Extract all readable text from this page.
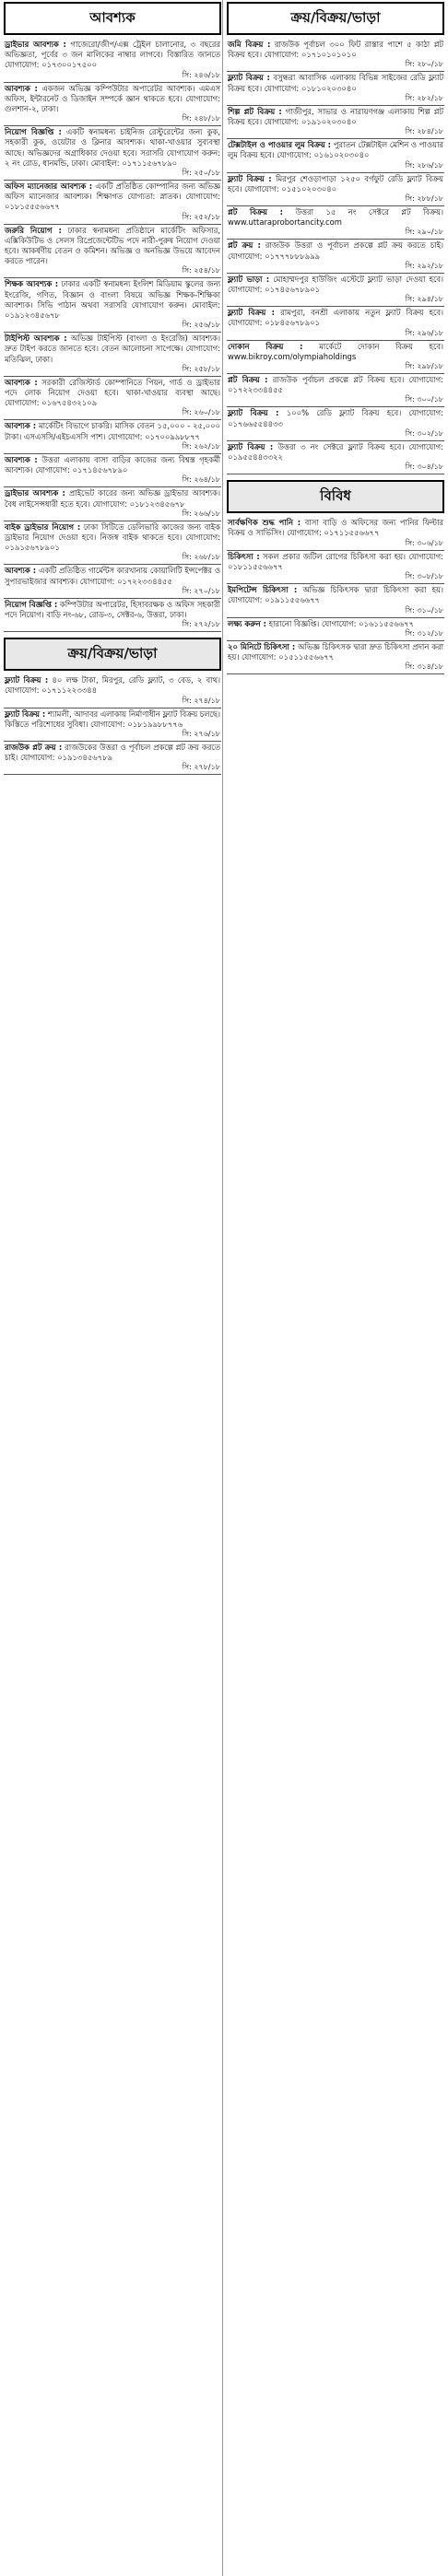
আবশ্যক
ড্রাইভার আবশ্যক : গাজেরো/জীপ/এক্স ট্রেইল চালানোর, ৩ বছরের অভিজ্ঞতা, পূর্বের ৩ জন মালিকের নাম্বার লাগবে। বিস্তারিত জানতে যোগাযোগ: ০১৭৩০০১৭৫০০
সি: ২৪৬/১৮
আবশ্যক : একজন অভিজ্ঞ কম্পিউটার অপারেটর আবশ্যক। এমএস অফিস, ইন্টারনেট ও ডিজাইন সম্পর্কে জ্ঞান থাকতে হবে। যোগাযোগ: গুলশান-২, ঢাকা।
সি: ২৪৮/১৮
নিয়োগ বিজ্ঞপ্তি : একটি স্বনামধন্য চাইনিজ রেস্টুরেন্টের জন্য কুক, সহকারী কুক, ওয়েটার ও ক্লিনার আবশ্যক। থাকা-খাওয়ার সুব্যবস্থা আছে। অভিজ্ঞদের অগ্রাধিকার দেওয়া হবে। সরাসরি যোগাযোগ করুন: ২ নং রোড, ধানমন্ডি, ঢাকা। মোবাইল: ০১৭১১৫৬৭৮৯০
সি: ২৫০/১৮
অফিস ম্যানেজার আবশ্যক : একটি প্রতিষ্ঠিত কোম্পানির জন্য অভিজ্ঞ অফিস ম্যানেজার আবশ্যক। শিক্ষাগত যোগ্যতা: স্নাতক। যোগাযোগ: ০১৮১৫৫৫৬৬৭৭
সি: ২৫২/১৮
জরুরি নিয়োগ : ঢাকার স্বনামধন্য প্রতিষ্ঠানে মার্কেটিং অফিসার, এক্সিকিউটিভ ও সেলস রিপ্রেজেন্টেটিভ পদে নারী-পুরুষ নিয়োগ দেওয়া হবে। আকর্ষণীয় বেতন ও কমিশন। অভিজ্ঞ ও অনভিজ্ঞ উভয়ে আবেদন করতে পারেন।
সি: ২৫৪/১৮
শিক্ষক আবশ্যক : ঢাকার একটি স্বনামধন্য ইংলিশ মিডিয়াম স্কুলের জন্য ইংরেজি, গণিত, বিজ্ঞান ও বাংলা বিষয়ে অভিজ্ঞ শিক্ষক-শিক্ষিকা আবশ্যক। সিভি পাঠান অথবা সরাসরি যোগাযোগ করুন। মোবাইল: ০১৯১২৩৪৫৬৭৮
সি: ২৫৬/১৮
টাইপিস্ট আবশ্যক : অভিজ্ঞ টাইপিস্ট (বাংলা ও ইংরেজি) আবশ্যক। দ্রুত টাইপ করতে জানতে হবে। বেতন আলোচনা সাপেক্ষে। যোগাযোগ: মতিঝিল, ঢাকা।
সি: ২৫৮/১৮
আবশ্যক : সরকারী রেজিস্টার্ড কোম্পানিতে পিয়ন, গার্ড ও ড্রাইভার পদে লোক নিয়োগ দেওয়া হবে। থাকা-খাওয়ার ব্যবস্থা আছে। যোগাযোগ: ০১৬৭৫৪৩২১০৯
সি: ২৬০/১৮
আবশ্যক : মার্কেটিং বিভাগে চাকরি। মাসিক বেতন ১৫,০০০ - ২৫,০০০ টাকা। এসএসসি/এইচএসসি পাশ। যোগাযোগ: ০১৭০০৯৯৮৮৭৭
সি: ২৬২/১৮
আবশ্যক : উত্তরা এলাকায় বাসা বাড়ির কাজের জন্য বিশ্বস্ত গৃহকর্মী আবশ্যক। যোগাযোগ: ০১৭১৪৫৬৭৮৯০
সি: ২৬৪/১৮
ড্রাইভার আবশ্যক : প্রাইভেট কারের জন্য অভিজ্ঞ ড্রাইভার আবশ্যক। বৈধ লাইসেন্সধারী হতে হবে। যোগাযোগ: ০১৮১২৩৪৫৬৭৮
সি: ২৬৬/১৮
বাইক ড্রাইভার নিয়োগ : ঢাকা সিটিতে ডেলিভারি কাজের জন্য বাইক ড্রাইভার নিয়োগ দেওয়া হবে। নিজস্ব বাইক থাকতে হবে। যোগাযোগ: ০১৯১৫৬৭৮৯০১
সি: ২৬৮/১৮
আবশ্যক : একটি প্রতিষ্ঠিত গার্মেন্টস কারখানায় কোয়ালিটি ইন্সপেক্টর ও সুপারভাইজার আবশ্যক। যোগাযোগ: ০১৭২২৩৩৪৪৫৫
সি: ২৭০/১৮
নিয়োগ বিজ্ঞপ্তি : কম্পিউটার অপারেটর, হিসাবরক্ষক ও অফিস সহকারী পদে নিয়োগ। বাড়ি নং-৬৮, রোড-৩, সেক্টর-৬, উত্তরা, ঢাকা।
সি: ২৭২/১৮
ক্রয়/বিক্রয়/ভাড়া
ফ্ল্যাট বিক্রয় : ৪০ লক্ষ টাকা, মিরপুর, রেডি ফ্ল্যাট, ৩ বেড, ২ বাথ। যোগাযোগ: ০১৭১১২২৩৩৪৪
সি: ২৭৪/১৮
ফ্ল্যাট বিক্রয় : শ্যামলী, আদাবর এলাকায় নির্মাণাধীন ফ্ল্যাট বিক্রয় চলছে। কিস্তিতে পরিশোধের সুবিধা। যোগাযোগ: ০১৮১৯৯৮৮৭৭৬
সি: ২৭৬/১৮
রাজউক প্লট ক্রয় : রাজউকের উত্তরা ও পূর্বাচল প্রকল্পে প্লট ক্রয় করতে চাই। যোগাযোগ: ০১৯১৩৪৫৬৭৮৯
সি: ২৭৮/১৮
ক্রয়/বিক্রয়/ভাড়া
জমি বিক্রয় : রাজউক পূর্বাচল ৩০০ ফিট রাস্তার পাশে ৫ কাঠা প্লট বিক্রয় হবে। যোগাযোগ: ০১৭১০১০১০১০
সি: ২৮০/১৮
ফ্ল্যাট বিক্রয় : বসুন্ধরা আবাসিক এলাকায় বিভিন্ন সাইজের রেডি ফ্ল্যাট বিক্রয় হবে। যোগাযোগ: ০১৮১০২০৩০৪০
সি: ২৮২/১৮
শিল্প প্লট বিক্রয় : গাজীপুর, সাভার ও নারায়ণগঞ্জ এলাকায় শিল্প প্লট বিক্রয় হবে। যোগাযোগ: ০১৯১০২০৩০৪০
সি: ২৮৪/১৮
টেক্সটাইল ও পাওয়ার লুম বিক্রয় : পুরাতন টেক্সটাইল মেশিন ও পাওয়ার লুম বিক্রয় হবে। যোগাযোগ: ০১৬১০২০৩০৪০
সি: ২৮৬/১৮
ফ্ল্যাট বিক্রয় : মিরপুর শেওড়াপাড়া ১২৫০ বর্গফুট রেডি ফ্ল্যাট বিক্রয় হবে। যোগাযোগ: ০১৫১০২০৩০৪০
সি: ২৮৮/১৮
প্লট বিক্রয় : উত্তরা ১৫ নং সেক্টরে প্লট বিক্রয়। www.uttaraprobortancity.com
সি: ২৯০/১৮
প্লট ক্রয় : রাজউক উত্তরা ও পূর্বাচল প্রকল্পে প্লট ক্রয় করতে চাই। যোগাযোগ: ০১৭৭৭৮৮৮৯৯৯
সি: ২৯২/১৮
ফ্ল্যাট ভাড়া : মোহাম্মদপুর হাউজিং এস্টেটে ফ্ল্যাট ভাড়া দেওয়া হবে। যোগাযোগ: ০১৭৪৫৬৭৮৯০১
সি: ২৯৪/১৮
ফ্ল্যাট বিক্রয় : রামপুরা, বনশ্রী এলাকায় নতুন ফ্ল্যাট বিক্রয় হবে। যোগাযোগ: ০১৮৪৫৬৭৮৯০১
সি: ২৯৬/১৮
দোকান বিক্রয় : মার্কেটে দোকান বিক্রয় হবে। www.bikroy.com/olympiaholdings
সি: ২৯৮/১৮
প্লট বিক্রয় : রাজউক পূর্বাচল প্রকল্পে প্লট বিক্রয় হবে। যোগাযোগ: ০১৭২২৩৩৪৪৫৫
সি: ৩০০/১৮
ফ্ল্যাট বিক্রয় : ১০০% রেডি ফ্ল্যাট বিক্রয় হবে। যোগাযোগ: ০১৭৬৬৫৫৪৪৩৩
সি: ৩০২/১৮
ফ্ল্যাট বিক্রয় : উত্তরা ৩ নং সেক্টরে ফ্ল্যাট বিক্রয় হবে। যোগাযোগ: ০১৯৫৫৪৪৩৩২২
সি: ৩০৪/১৮
বিবিধ
সার্বক্ষণিক শুদ্ধ পানি : বাসা বাড়ি ও অফিসের জন্য পানির ফিল্টার বিক্রয় ও সার্ভিসিং। যোগাযোগ: ০১৭১১৫৫৬৬৭৭
সি: ৩০৬/১৮
চিকিৎসা : সকল প্রকার জটিল রোগের চিকিৎসা করা হয়। যোগাযোগ: ০১৮১১৫৫৬৬৭৭
সি: ৩০৮/১৮
ইমপিটেন্স চিকিৎসা : অভিজ্ঞ চিকিৎসক দ্বারা চিকিৎসা করা হয়। যোগাযোগ: ০১৯১১৫৫৬৬৭৭
সি: ৩১০/১৮
লক্ষ্য করুন : হারানো বিজ্ঞপ্তি। যোগাযোগ: ০১৬১১৫৫৬৬৭৭
সি: ৩১২/১৮
২০ মিনিটে চিকিৎসা : অভিজ্ঞ চিকিৎসক দ্বারা দ্রুত চিকিৎসা প্রদান করা হয়। যোগাযোগ: ০১৫১১৫৫৬৬৭৭
সি: ৩১৪/১৮
